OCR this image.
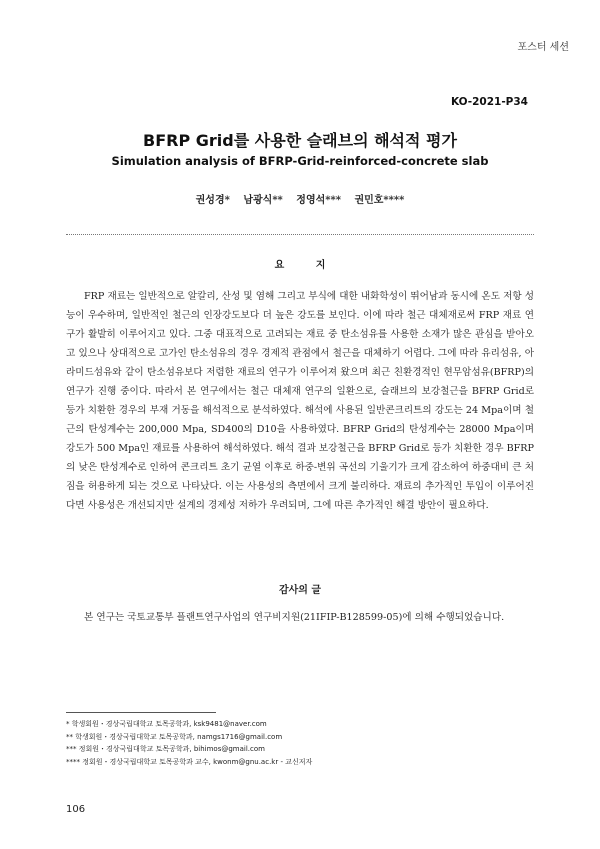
포스터 세션
KO-2021-P34
BFRP Grid를 사용한 슬래브의 해석적 평가
Simulation analysis of BFRP-Grid-reinforced-concrete slab
권성경* 남광식** 정영석*** 권민호****
요 지

FRP 재료는 일반적으로 알칼리, 산성 및 염해 그리고 부식에 대한 내화학성이 뛰어남과 동시에 온도 저항 성능이 우수하며, 일반적인 철근의 인장강도보다 더 높은 강도를 보인다. 이에 따라 철근 대체재로써 FRP 재료 연구가 활발히 이루어지고 있다. 그중 대표적으로 고려되는 재료 중 탄소섬유를 사용한 소재가 많은 관심을 받아오고 있으나 상대적으로 고가인 탄소섬유의 경우 경제적 관점에서 철근을 대체하기 어렵다. 그에 따라 유리섬유, 아라미드섬유와 같이 탄소섬유보다 저렴한 재료의 연구가 이루어져 왔으며 최근 친환경적인 현무암섬유(BFRP)의 연구가 진행 중이다. 따라서 본 연구에서는 철근 대체재 연구의 일환으로, 슬래브의 보강철근을 BFRP Grid로 등가 치환한 경우의 부재 거동을 해석적으로 분석하였다. 해석에 사용된 일반콘크리트의 강도는 24 Mpa이며 철근의 탄성계수는 200,000 Mpa, SD400의 D10을 사용하였다. BFRP Grid의 탄성계수는 28000 Mpa이며 강도가 500 Mpa인 재료를 사용하여 해석하였다. 해석 결과 보강철근을 BFRP Grid로 등가 치환한 경우 BFRP의 낮은 탄성계수로 인하여 콘크리트 초기 균열 이후로 하중-변위 곡선의 기울기가 크게 감소하여 하중대비 큰 처짐을 허용하게 되는 것으로 나타났다. 이는 사용성의 측면에서 크게 불리하다. 재료의 추가적인 투입이 이루어진다면 사용성은 개선되지만 설계의 경제성 저하가 우려되며, 그에 따른 추가적인 해결 방안이 필요하다.

감사의 글

본 연구는 국토교통부 플랜트연구사업의 연구비지원(21IFIP-B128599-05)에 의해 수행되었습니다.

* 학생회원・경상국립대학교 토목공학과, ksk9481@naver.com
** 학생회원・경상국립대학교 토목공학과, namgs1716@gmail.com
*** 정회원・경상국립대학교 토목공학과, bihimos@gmail.com
**** 정회원・경상국립대학교 토목공학과 교수, kwonm@gnu.ac.kr - 교신저자
106
